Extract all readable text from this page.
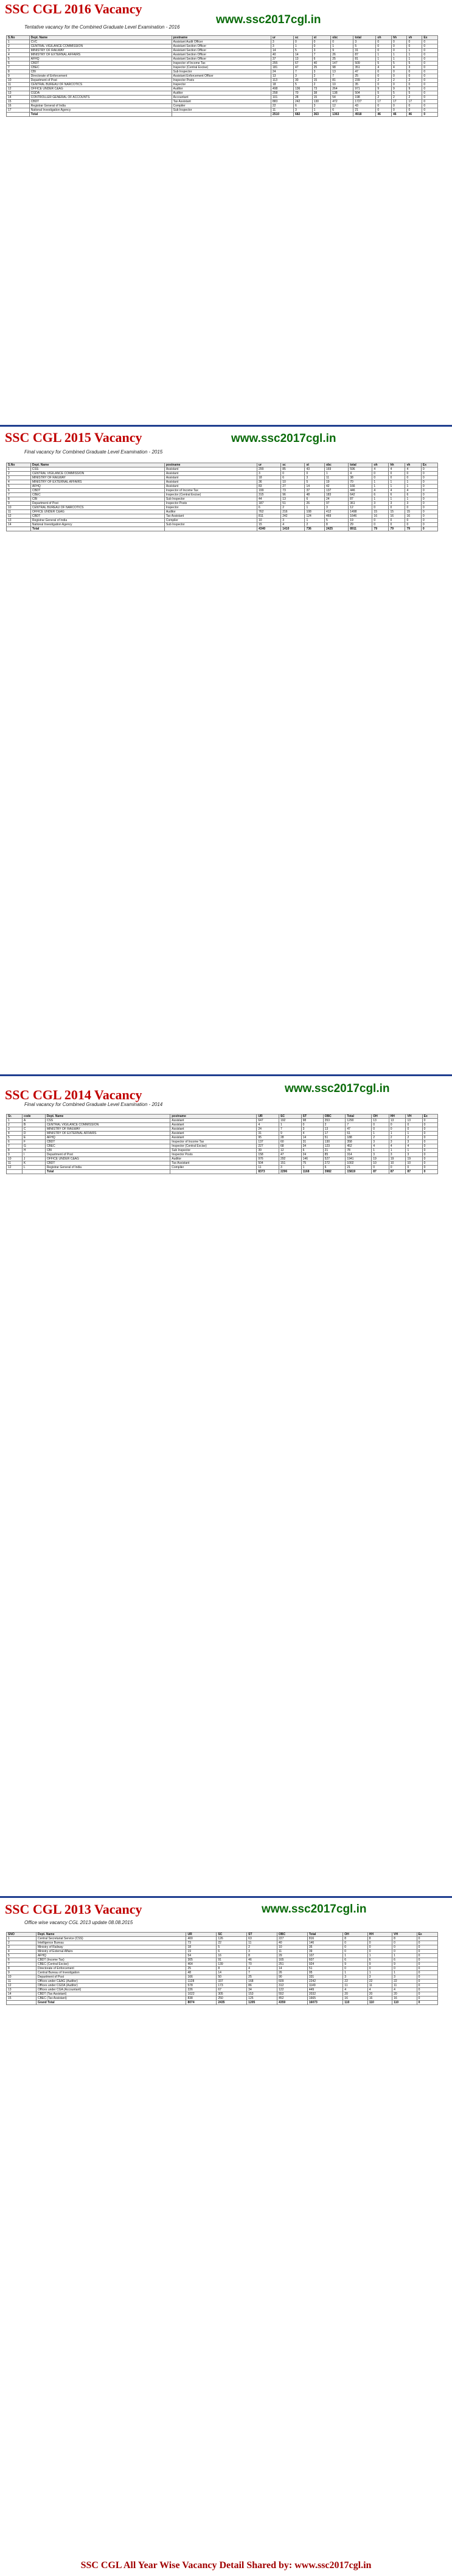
SSC CGL 2016 Vacancy
www.ssc2017cgl.in
Tentative vacancy for the Combined Graduate Level Examination - 2016
S.No	Dept. Name	postname	ur	sc	st	obc	total	oh	hh	vh	Ex
1	CVC	Assistant Audit Officer	3	0	0	0	3	0	0	0	0
2	CENTRAL VIGILANCE COMMISSION	Assistant Section Officer	3	1	0	1	5	0	0	0	0
3	MINISTRY OF RAILWAY	Assistant Section Officer	14	5	3	9	31	0	0	1	0
4	MINISTRY OF EXTERNAL AFFAIRS	Assistant Section Officer	40	14	7	26	87	1	1	1	0
5	AFHQ	Assistant Section Officer	37	13	6	25	81	1	1	1	0
6	CBDT	Inspector of Income Tax	255	67	40	147	509	5	5	5	0
7	CBEC	Inspector (Central Excise)	181	47	25	98	351	4	4	3	0
8	CBI	Sub Inspector	24	7	3	13	47	0	0	0	0
9	Directorate of Enforcement	Assistant Enforcement Officer	13	3	2	7	25	0	0	0	0
10	Department of Post	Inspector Posts	113	30	15	81	239	2	2	2	0
11	CENTRAL BUREAU OF NARCOTICS	Inspector	18	5	2	10	35	0	0	0	0
12	OFFICE UNDER C&AG	Auditor	498	136	73	264	971	9	9	9	0
13	CGDA	Auditor	258	70	38	138	504	5	5	5	0
14	CONTROLLER GENERAL OF ACCOUNTS	Accountant	101	28	15	54	198	2	2	2	0
15	CBDT	Tax Assistant	883	242	130	472	1727	17	17	17	0
16	Registrar General of India	Compiler	22	6	3	12	43	0	0	0	0
17	National Investigation Agency	Sub Inspector	11	3	1	6	21	0	0	0	0
	Total		2510	682	363	1363	4918	46	46	46	0
SSC CGL 2015 Vacancy	www.ssc2017cgl.in
Final vacancy for Combined Graduate Level Examination - 2015
S.No	Dept. Name	postname	ur	sc	st	obc	total	oh	hh	vh	Ex
1	CSS	Assistant	299	85	43	169	596	4	4	4	0
2	CENTRAL VIGILANCE COMMISSION	Assistant	3	0	0	1	4	0	0	0	0
3	MINISTRY OF RAILWAY	Assistant	18	6	3	11	38	0	0	0	0
4	MINISTRY OF EXTERNAL AFFAIRS	Assistant	36	10	5	19	70	1	1	1	0
5	AFHQ	Assistant	83	27	14	42	166	1	1	1	0
6	CBDT	Inspector of Income Tax	199	73	37	137	446	4	4	4	0
7	CBEC	Inspector (Central Excise)	315	96	48	183	642	6	6	6	0
8	CBI	Sub Inspector	44	13	6	24	87	1	1	1	0
9	Department of Post	Inspector Posts	187	51	26	97	361	3	3	3	0
10	CENTRAL BUREAU OF NARCOTICS	Inspector	6	2	1	3	12	0	0	0	0
11	OFFICE UNDER C&AG	Auditor	762	216	108	412	1498	15	15	15	0
12	CBDT	Tax Assistant	811	242	124	469	1646	16	16	16	0
13	Registrar General of India	Compiler	10	3	1	5	19	0	0	0	0
14	National Investigation Agency	Sub Inspector	15	4	2	8	29	0	0	0	0
	Total		4340	1410	736	2425	8911	79	79	79	0
SSC CGL 2014 Vacancy	www.ssc2017cgl.in
Final vacancy for Combined Graduate Level Examination - 2014
Sr.	code	Dept. Name	postname	UR	SC	ST	OBC	Total	OH	HH	VH	Ex
1	A	CSS	Assistant	647	192	98	353	1290	13	13	13	0
2	B	CENTRAL VIGILANCE COMMISSION	Assistant	4	1	0	2	7	0	0	0	0
3	C	MINISTRY OF RAILWAY	Assistant	24	7	3	13	47	0	0	0	0
4	D	MINISTRY OF EXTERNAL AFFAIRS	Assistant	31	9	4	17	61	1	1	1	0
5	E	AFHQ	Assistant	95	28	14	51	188	2	2	2	0
6	F	CBDT	Inspector of Income Tax	137	60	31	130	358	3	3	3	0
7	G	CBEC	Inspector (Central Excise)	227	68	34	123	452	4	4	4	0
8	H	CBI	Sub Inspector	39	12	6	21	78	1	1	1	0
9	I	Department of Post	Inspector Posts	158	47	24	85	314	3	3	3	0
10	J	OFFICE UNDER C&AG	Auditor	976	292	146	527	1941	19	19	19	0
11	K	CBDT	Tax Assistant	504	151	75	272	1002	10	10	10	0
12	L	Registrar General of India	Compiler	11	3	1	6	21	0	0	0	0
		Total		8373	2296	1168	3982	15819	87	87	87	0
SSC CGL 2013 Vacancy	www.ssc2017cgl.in
Office wise vacancy CGL 2013 update 08.08.2015
SNO	Dept. Name	UR	SC	ST	OBC	Total	OH	HH	VH	Ex
1	Central Secretariat Service (CSS)	400	126	63	227	816	8	8	8	0
2	Intelligence Bureau	73	22	11	40	146	0	0	0	0
3	Ministry of Railway	18	5	2	10	35	0	0	0	0
4	Ministry of External Affairs	19	6	3	11	39	0	0	0	0
5	AFHQ	54	16	8	29	107	1	1	1	0
6	CBDT (Income Tax)	305	91	46	165	607	6	6	6	0
7	CBEC (Central Excise)	464	139	70	251	924	9	9	9	0
8	Directorate of Enforcement	25	8	4	14	51	0	0	0	0
9	Central Bureau of Investigation	48	14	7	26	95	1	1	1	0
10	Department of Post	166	50	25	90	331	3	3	3	0
11	Offices under C&AG (Auditor)	1128	337	168	609	2242	22	22	22	0
12	Offices under CGDA (Auditor)	578	173	86	312	1149	11	11	11	0
13	Offices under CGA (Accountant)	226	67	34	122	449	4	4	4	0
14	CBDT (Tax Assistant)	1022	305	153	552	2032	20	20	20	0
15	CBEC (Tax Assistant)	838	250	125	452	1665	16	16	16	0
	Grand Total	8074	2435	1205	4359	16073	110	110	110	0
SSC CGL All Year Wise Vacancy Detail Shared by: www.ssc2017cgl.in
